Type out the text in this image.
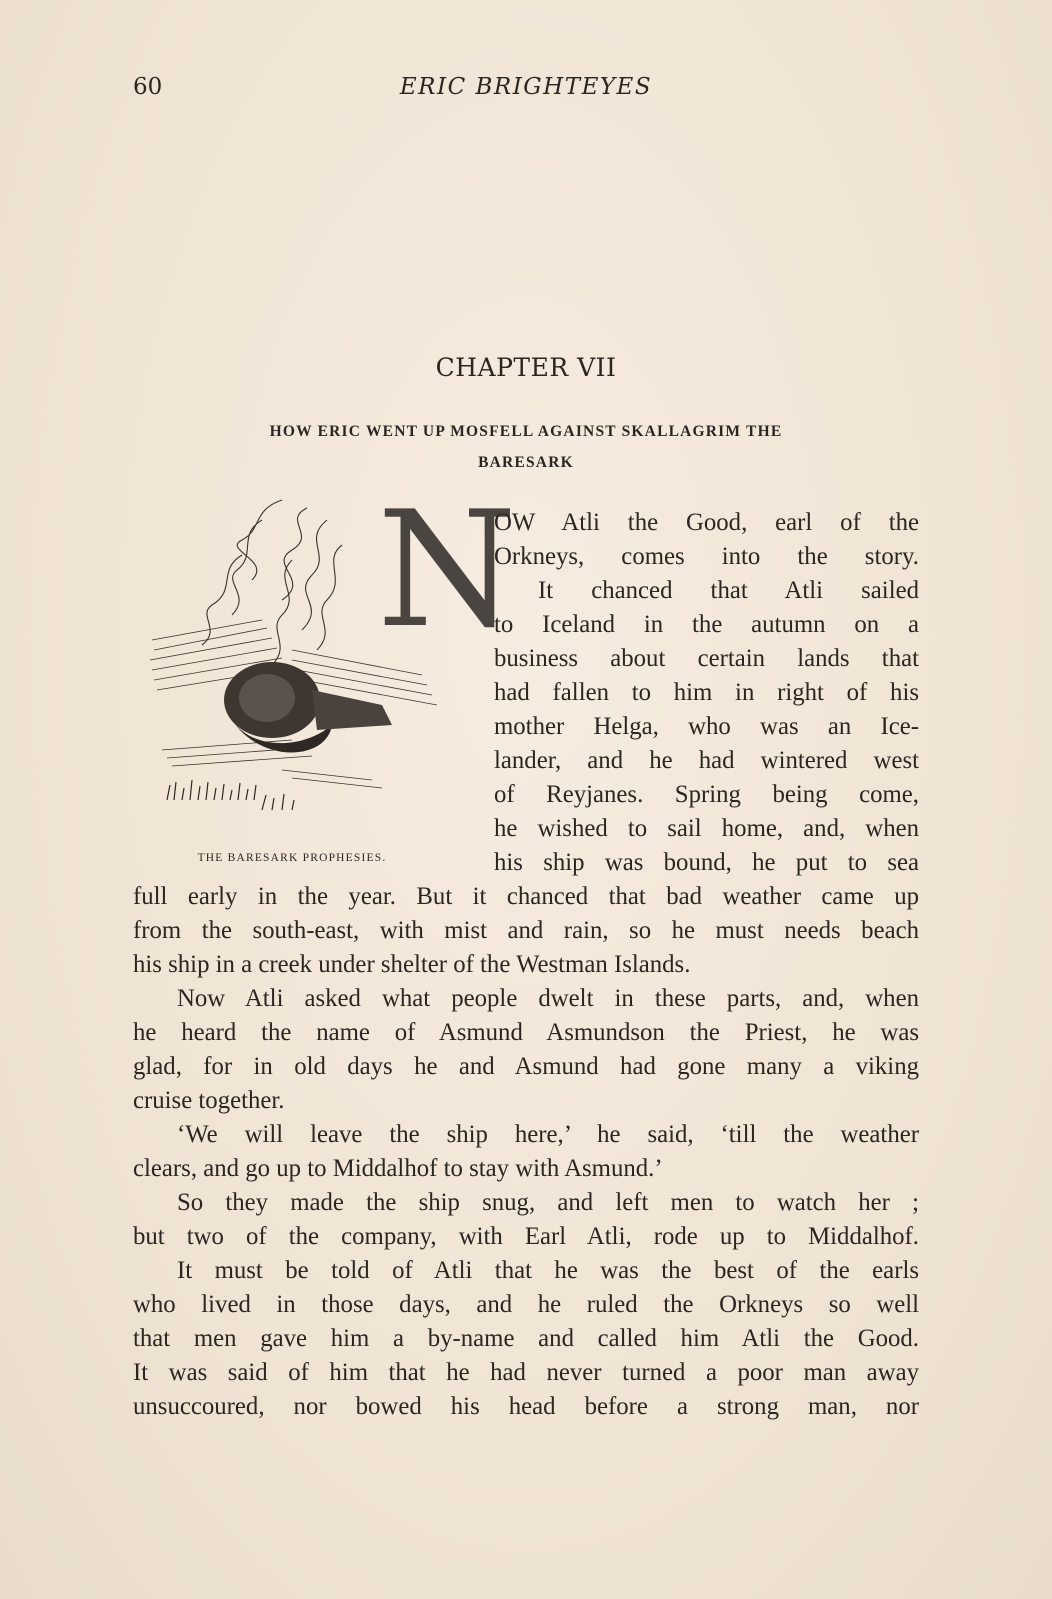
60	ERIC BRIGHTEYES
CHAPTER VII
HOW ERIC WENT UP MOSFELL AGAINST SKALLAGRIM THE
BARESARK
N
THE BARESARK PROPHESIES.
OW Atli the Good, earl of the
Orkneys, comes into the story.
It chanced that Atli sailed
to Iceland in the autumn on a
business about certain lands that
had fallen to him in right of his
mother Helga, who was an Ice-
lander, and he had wintered west
of Reyjanes. Spring being come,
he wished to sail home, and, when
his ship was bound, he put to sea
full early in the year. But it chanced that bad weather came up
from the south-east, with mist and rain, so he must needs beach
his ship in a creek under shelter of the Westman Islands.
Now Atli asked what people dwelt in these parts, and, when
he heard the name of Asmund Asmundson the Priest, he was
glad, for in old days he and Asmund had gone many a viking
cruise together.
‘We will leave the ship here,’ he said, ‘till the weather
clears, and go up to Middalhof to stay with Asmund.’
So they made the ship snug, and left men to watch her ;
but two of the company, with Earl Atli, rode up to Middalhof.
It must be told of Atli that he was the best of the earls
who lived in those days, and he ruled the Orkneys so well
that men gave him a by-name and called him Atli the Good.
It was said of him that he had never turned a poor man away
unsuccoured, nor bowed his head before a strong man, nor
